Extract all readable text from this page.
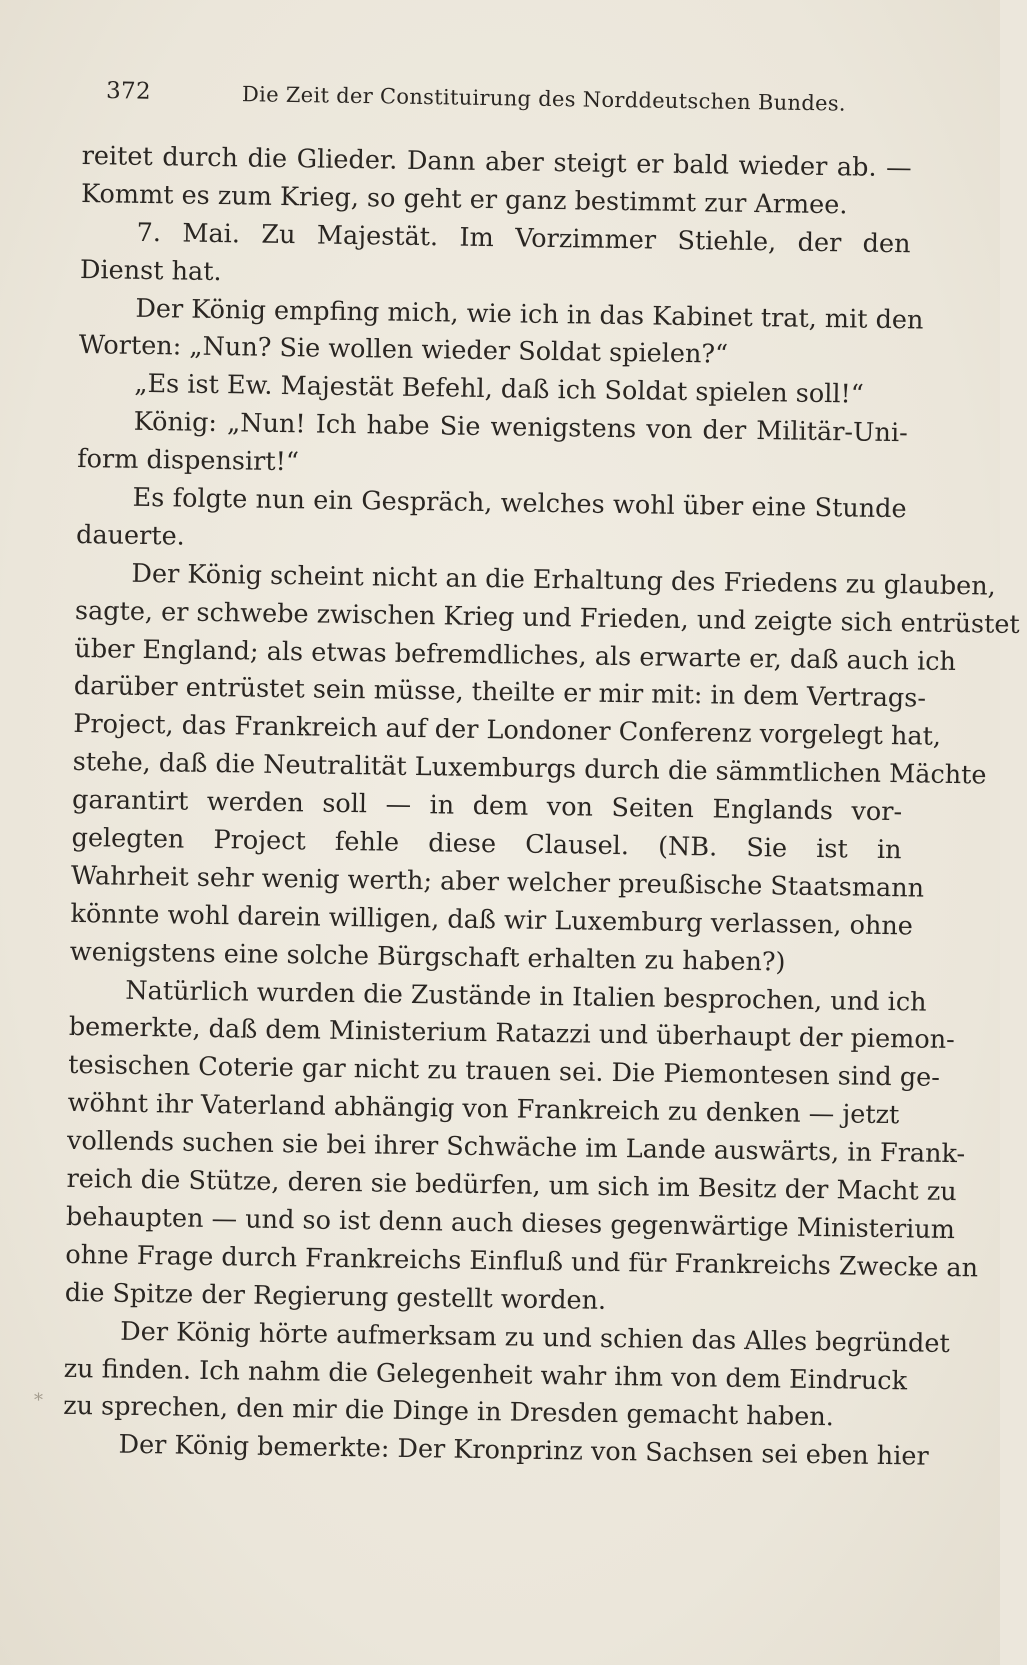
372	Die Zeit der Constituirung des Norddeutschen Bundes.
reitet durch die Glieder. Dann aber steigt er bald wieder ab. —
Kommt es zum Krieg, so geht er ganz bestimmt zur Armee.
7. Mai. Zu Majestät. Im Vorzimmer Stiehle, der den
Dienst hat.
Der König empfing mich, wie ich in das Kabinet trat, mit den
Worten: „Nun? Sie wollen wieder Soldat spielen?“
„Es ist Ew. Majestät Befehl, daß ich Soldat spielen soll!“
König: „Nun! Ich habe Sie wenigstens von der Militär-Uni-
form dispensirt!“
Es folgte nun ein Gespräch, welches wohl über eine Stunde
dauerte.
Der König scheint nicht an die Erhaltung des Friedens zu glauben,
sagte, er schwebe zwischen Krieg und Frieden, und zeigte sich entrüstet
über England; als etwas befremdliches, als erwarte er, daß auch ich
darüber entrüstet sein müsse, theilte er mir mit: in dem Vertrags-
Project, das Frankreich auf der Londoner Conferenz vorgelegt hat,
stehe, daß die Neutralität Luxemburgs durch die sämmtlichen Mächte
garantirt werden soll — in dem von Seiten Englands vor-
gelegten Project fehle diese Clausel. (NB. Sie ist in
Wahrheit sehr wenig werth; aber welcher preußische Staatsmann
könnte wohl darein willigen, daß wir Luxemburg verlassen, ohne
wenigstens eine solche Bürgschaft erhalten zu haben?)
Natürlich wurden die Zustände in Italien besprochen, und ich
bemerkte, daß dem Ministerium Ratazzi und überhaupt der piemon-
tesischen Coterie gar nicht zu trauen sei. Die Piemontesen sind ge-
wöhnt ihr Vaterland abhängig von Frankreich zu denken — jetzt
vollends suchen sie bei ihrer Schwäche im Lande auswärts, in Frank-
reich die Stütze, deren sie bedürfen, um sich im Besitz der Macht zu
behaupten — und so ist denn auch dieses gegenwärtige Ministerium
ohne Frage durch Frankreichs Einfluß und für Frankreichs Zwecke an
die Spitze der Regierung gestellt worden.
Der König hörte aufmerksam zu und schien das Alles begründet
zu finden. Ich nahm die Gelegenheit wahr ihm von dem Eindruck
zu sprechen, den mir die Dinge in Dresden gemacht haben.
Der König bemerkte: Der Kronprinz von Sachsen sei eben hier
*
